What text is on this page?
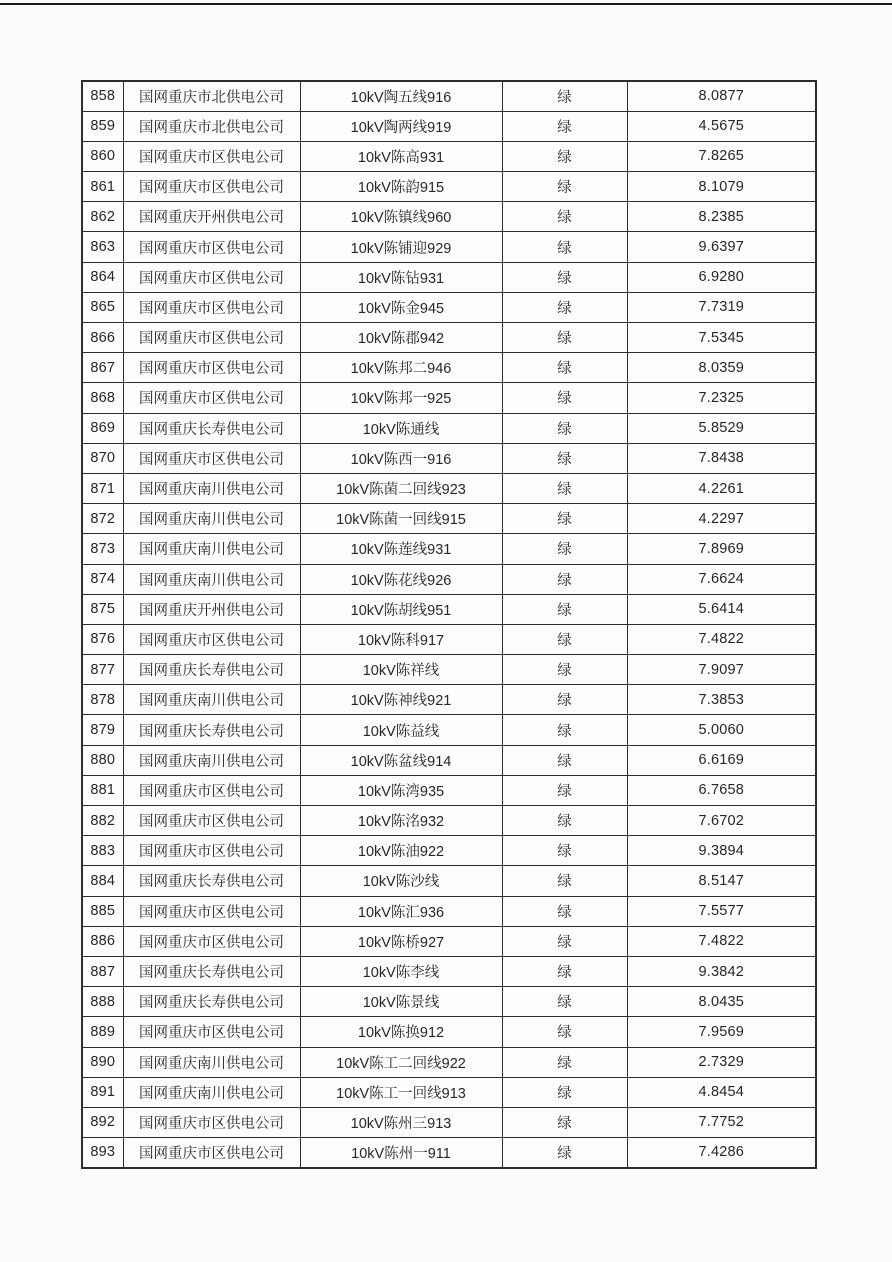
858	国网重庆市北供电公司	10kV陶五线916	绿	8.0877
859	国网重庆市北供电公司	10kV陶两线919	绿	4.5675
860	国网重庆市区供电公司	10kV陈高931	绿	7.8265
861	国网重庆市区供电公司	10kV陈韵915	绿	8.1079
862	国网重庆开州供电公司	10kV陈镇线960	绿	8.2385
863	国网重庆市区供电公司	10kV陈铺迎929	绿	9.6397
864	国网重庆市区供电公司	10kV陈钻931	绿	6.9280
865	国网重庆市区供电公司	10kV陈金945	绿	7.7319
866	国网重庆市区供电公司	10kV陈郡942	绿	7.5345
867	国网重庆市区供电公司	10kV陈邦二946	绿	8.0359
868	国网重庆市区供电公司	10kV陈邦一925	绿	7.2325
869	国网重庆长寿供电公司	10kV陈通线	绿	5.8529
870	国网重庆市区供电公司	10kV陈西一916	绿	7.8438
871	国网重庆南川供电公司	10kV陈菌二回线923	绿	4.2261
872	国网重庆南川供电公司	10kV陈菌一回线915	绿	4.2297
873	国网重庆南川供电公司	10kV陈莲线931	绿	7.8969
874	国网重庆南川供电公司	10kV陈花线926	绿	7.6624
875	国网重庆开州供电公司	10kV陈胡线951	绿	5.6414
876	国网重庆市区供电公司	10kV陈科917	绿	7.4822
877	国网重庆长寿供电公司	10kV陈祥线	绿	7.9097
878	国网重庆南川供电公司	10kV陈神线921	绿	7.3853
879	国网重庆长寿供电公司	10kV陈益线	绿	5.0060
880	国网重庆南川供电公司	10kV陈盆线914	绿	6.6169
881	国网重庆市区供电公司	10kV陈湾935	绿	6.7658
882	国网重庆市区供电公司	10kV陈洺932	绿	7.6702
883	国网重庆市区供电公司	10kV陈油922	绿	9.3894
884	国网重庆长寿供电公司	10kV陈沙线	绿	8.5147
885	国网重庆市区供电公司	10kV陈汇936	绿	7.5577
886	国网重庆市区供电公司	10kV陈桥927	绿	7.4822
887	国网重庆长寿供电公司	10kV陈李线	绿	9.3842
888	国网重庆长寿供电公司	10kV陈景线	绿	8.0435
889	国网重庆市区供电公司	10kV陈换912	绿	7.9569
890	国网重庆南川供电公司	10kV陈工二回线922	绿	2.7329
891	国网重庆南川供电公司	10kV陈工一回线913	绿	4.8454
892	国网重庆市区供电公司	10kV陈州三913	绿	7.7752
893	国网重庆市区供电公司	10kV陈州一911	绿	7.4286
